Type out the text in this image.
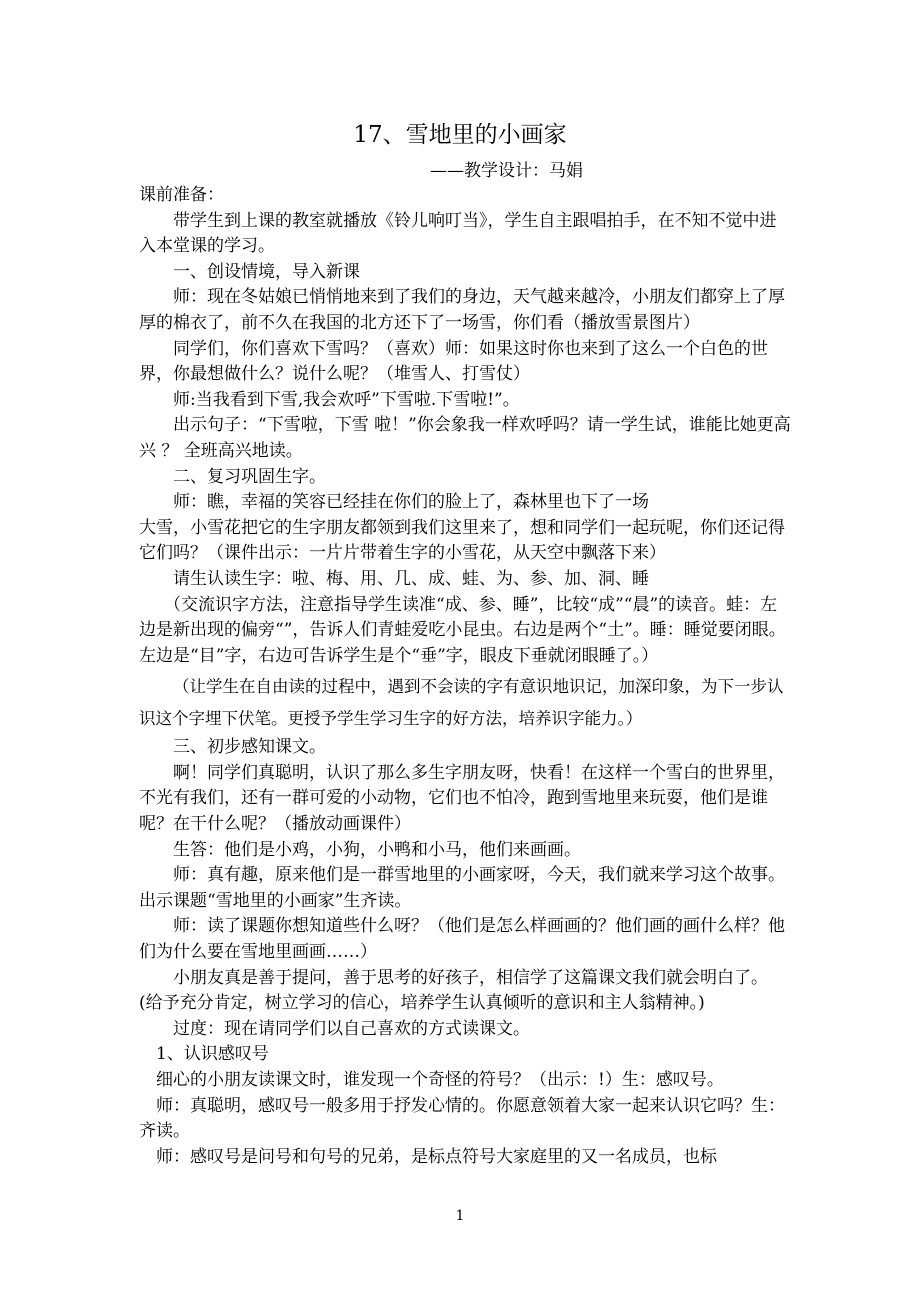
17、雪地里的小画家
——教学设计：马娟

课前准备：

带学生到上课的教室就播放《铃儿响叮当》，学生自主跟唱拍手，在不知不觉中进入本堂课的学习。

一、创设情境，导入新课

师：现在冬姑娘已悄悄地来到了我们的身边，天气越来越冷，小朋友们都穿上了厚厚的棉衣了，前不久在我国的北方还下了一场雪，你们看（播放雪景图片）

同学们，你们喜欢下雪吗？（喜欢）师：如果这时你也来到了这么一个白色的世界，你最想做什么？说什么呢？（堆雪人、打雪仗）

师:当我看到下雪,我会欢呼”下雪啦.下雪啦!”。

出示句子：“下雪啦，下雪 啦！”你会象我一样欢呼吗？请一学生试，谁能比她更高兴 ？ 全班高兴地读。

二、复习巩固生字。

师：瞧，幸福的笑容已经挂在你们的脸上了，森林里也下了一场

大雪，小雪花把它的生字朋友都领到我们这里来了，想和同学们一起玩呢，你们还记得它们吗？（课件出示：一片片带着生字的小雪花，从天空中飘落下来）

请生认读生字：啦、梅、用、几、成、蛙、为、参、加、洞、睡

（交流识字方法，注意指导学生读准“成、参、睡”，比较“成”“晨”的读音。蛙：左边是新出现的偏旁“”，告诉人们青蛙爱吃小昆虫。右边是两个“土”。睡：睡觉要闭眼。左边是“目”字，右边可告诉学生是个“垂”字，眼皮下垂就闭眼睡了。）

（让学生在自由读的过程中，遇到不会读的字有意识地识记，加深印象，为下一步认识这个字埋下伏笔。更授予学生学习生字的好方法，培养识字能力。）

三、初步感知课文。

啊！同学们真聪明，认识了那么多生字朋友呀，快看！在这样一个雪白的世界里，不光有我们，还有一群可爱的小动物，它们也不怕冷，跑到雪地里来玩耍，他们是谁呢？在干什么呢？（播放动画课件）

生答：他们是小鸡，小狗，小鸭和小马，他们来画画。

师：真有趣，原来他们是一群雪地里的小画家呀，今天，我们就来学习这个故事。出示课题“雪地里的小画家”生齐读。

师：读了课题你想知道些什么呀？（他们是怎么样画画的？他们画的画什么样？他们为什么要在雪地里画画……）

小朋友真是善于提问，善于思考的好孩子，相信学了这篇课文我们就会明白了。(给予充分肯定，树立学习的信心，培养学生认真倾听的意识和主人翁精神。)

过度：现在请同学们以自己喜欢的方式读课文。

1、认识感叹号

细心的小朋友读课文时，谁发现一个奇怪的符号？（出示：!）生：感叹号。

师：真聪明，感叹号一般多用于抒发心情的。你愿意领着大家一起来认识它吗？生：齐读。

师：感叹号是问号和句号的兄弟，是标点符号大家庭里的又一名成员，也标

1
